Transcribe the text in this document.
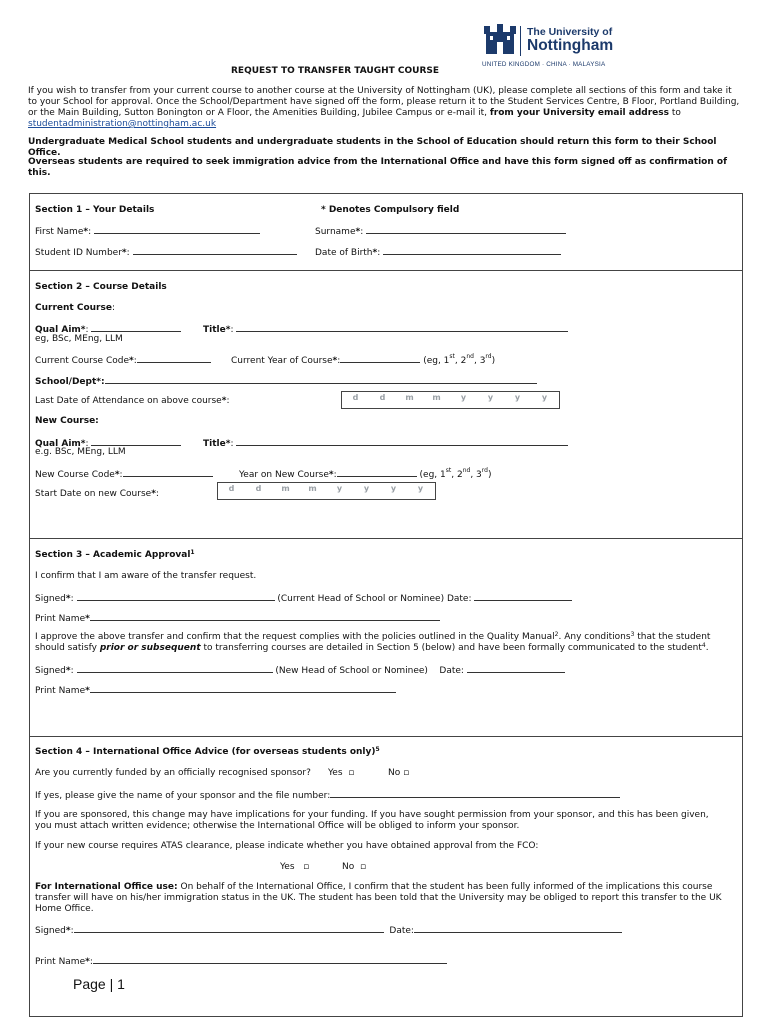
The University of
Nottingham
UNITED KINGDOM · CHINA · MALAYSIA
REQUEST TO TRANSFER TAUGHT COURSE

If you wish to transfer from your current course to another course at the University of Nottingham (UK), please complete all sections of this form and take it
to your School for approval. Once the School/Department have signed off the form, please return it to the Student Services Centre, B Floor, Portland Building,
or the Main Building, Sutton Bonington or A Floor, the Amenities Building, Jubilee Campus or e-mail it, from your University email address to
studentadministration@nottingham.ac.uk

Undergraduate Medical School students and undergraduate students in the School of Education should return this form to their School Office.

Overseas students are required to seek immigration advice from the International Office and have this form signed off as confirmation of
this.

Section 1 – Your Details	* Denotes Compulsory field
First Name*:	Surname*:
Student ID Number*:	Date of Birth*:
Section 2 – Course Details
Current Course:
Qual Aim*:	Title*:
eg, BSc, MEng, LLM
Current Course Code*:	Current Year of Course*:	(eg, 1st, 2nd, 3rd)
School/Dept*:
Last Date of Attendance on above course*:	d	d	m	m	y	y	y	y
New Course:
Qual Aim*:	Title*:
e.g. BSc, MEng, LLM
New Course Code*:	Year on New Course*:	(eg, 1st, 2nd, 3rd)
Start Date on new Course*:
d	d	m	m	y	y	y	y
Section 3 – Academic Approval$^1$
I confirm that I am aware of the transfer request.
Signed*:	(Current Head of School or Nominee) Date:
Print Name*

I approve the above transfer and confirm that the request complies with the policies outlined in the Quality Manual$^2$. Any conditions$^3$ that the student
should satisfy prior or subsequent to transferring courses are detailed in Section 5 (below) and have been formally communicated to the student$^4$.

Signed*:	(New Head of School or Nominee) Date:
Print Name*
Section 4 – International Office Advice (for overseas students only)$^5$
Are you currently funded by an officially recognised sponsor? Yes  ▫	No ▫
If yes, please give the name of your sponsor and the file number:

If you are sponsored, this change may have implications for your funding. If you have sought permission from your sponsor, and this has been given,
you must attach written evidence; otherwise the International Office will be obliged to inform your sponsor.

If your new course requires ATAS clearance, please indicate whether you have obtained approval from the FCO:
Yes   ▫	No  ▫

For International Office use: On behalf of the International Office, I confirm that the student has been fully informed of the implications this course
transfer will have on his/her immigration status in the UK. The student has been told that the University may be obliged to report this transfer to the UK
Home Office.

Signed*:	Date:
Print Name*:
Page | 1
